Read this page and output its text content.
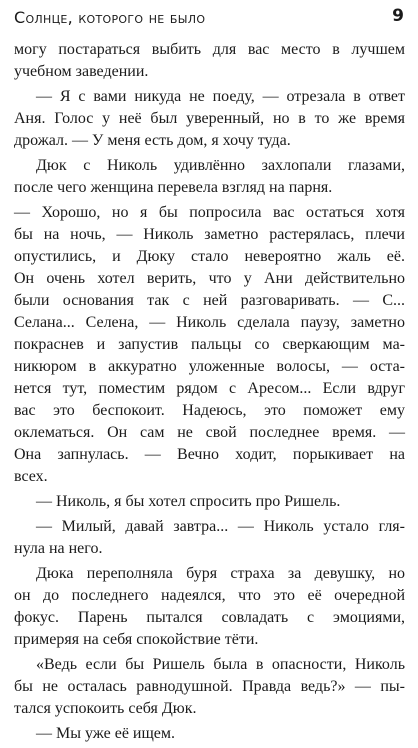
Солнце, которого не было	9
могу постараться выбить для вас место в лучшем
учебном заведении.
— Я с вами никуда не поеду, — отрезала в ответ
Аня. Голос у неё был уверенный, но в то же время
дрожал. — У меня есть дом, я хочу туда.
Дюк с Николь удивлённо захлопали глазами,
после чего женщина перевела взгляд на парня.
— Хорошо, но я бы попросила вас остаться хотя
бы на ночь, — Николь заметно растерялась, плечи
опустились, и Дюку стало невероятно жаль её.
Он очень хотел верить, что у Ани действительно
были основания так с ней разговаривать. — С...
Селана... Селена, — Николь сделала паузу, заметно
покраснев и запустив пальцы со сверкающим ма-
никюром в аккуратно уложенные волосы, — оста-
нется тут, поместим рядом с Аресом... Если вдруг
вас это беспокоит. Надеюсь, это поможет ему
оклематься. Он сам не свой последнее время. —
Она запнулась. — Вечно ходит, порыкивает на
всех.
— Николь, я бы хотел спросить про Ришель.
— Милый, давай завтра... — Николь устало гля-
нула на него.
Дюка переполняла буря страха за девушку, но
он до последнего надеялся, что это её очередной
фокус. Парень пытался совладать с эмоциями,
примеряя на себя спокойствие тёти.
«Ведь если бы Ришель была в опасности, Николь
бы не осталась равнодушной. Правда ведь?» — пы-
тался успокоить себя Дюк.
— Мы уже её ищем.
